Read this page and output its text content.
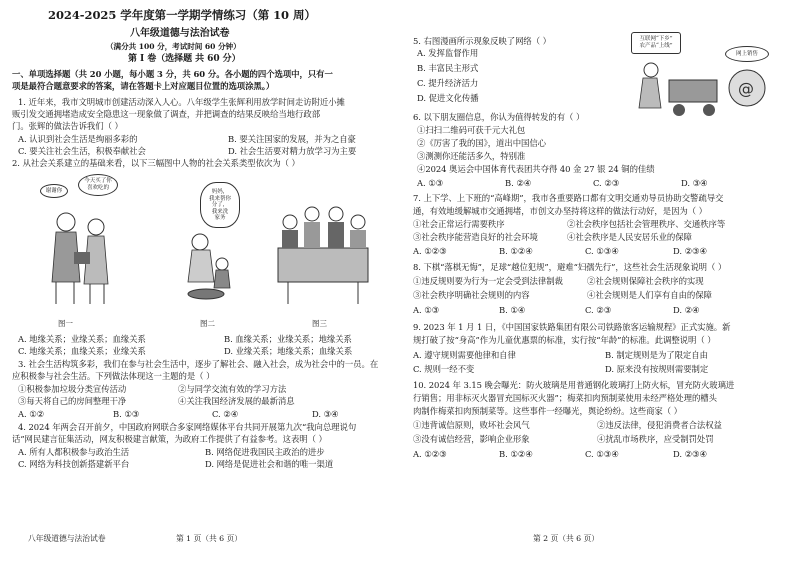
2024-2025 学年度第一学期学情练习（第 10 周）
八年级道德与法治试卷
（满分共 100 分，考试时间 60 分钟）
第 I 卷（选择题 共 60 分）
一、单项选择题（共 20 小题，每小题 3 分，共 60 分。各小题的四个选项中，只有一
项是最符合题意要求的答案，请在答题卡上对应题目位置的选项涂黑。）
1. 近年来，我市文明城市创建活动深入人心。八年级学生张辉利用放学时间走访附近小摊
贩引发交通拥堵造成安全隐患这一现象做了调查，并把调查的结果反映给当地行政部
门。张辉的做法告诉我们（ ）
A. 认识到社会生活是绚丽多彩的	B. 要关注国家的发展，并为之自豪
C. 要关注社会生活，积极奉献社会	D. 社会生活要对精力放学习为主要
2. 从社会关系建立的基础来看，以下三幅图中人物的社会关系类型依次为（ ）
谢谢你
今天买了你
喜欢吃的
图一
妈妈，
我来帮你
分了，
我来洗
家务
图二	图三
A. 地缘关系；业缘关系；血缘关系	B. 血缘关系；业缘关系；地缘关系
C. 地缘关系；血缘关系；业缘关系	D. 业缘关系；地缘关系；血缘关系
3. 社会生活构筑多彩，我们在参与社会生活中，逐步了解社会、融入社会，成为社会中的一员。在
应积极参与社会生活。下列做法体现这一主题的是（ ）
①积极参加垃圾分类宣传活动	②与同学交流有效的学习方法
③每天将自己的房间整理干净	④关注我国经济发展的最新消息
A. ①②	B. ①③	C. ②④	D. ③④
4. 2024 年两会召开前夕，中国政府网联合多家网络媒体平台共同开展第九次“我向总理说句
话”网民建言征集活动，网友积极建言献策，为政府工作提供了有益参考。这表明（ ）
A. 所有人都积极参与政治生活	B. 网络促进我国民主政治的进步
C. 网络为科技创新搭建新平台	D. 网络是促进社会和谐的唯一渠道
八年级道德与法治试卷	第 1 页（共 6 页）
5. 右图漫画所示现象反映了网络（ ）
A. 发挥监督作用
B. 丰富民主形式
C. 提升经济活力
D. 促进文化传播	@
互联网“下乡”
农产品“上线”
网上销售
6. 以下朋友圈信息，你认为值得转发的有（ ）
①扫扫二维码可获千元大礼包
②《厉害了我的国》，道出中国信心
③测测你还能活多久，特别准
④2024 奥运会中国体育代表团共夺得 40 金 27 银 24 铜的佳绩
A. ①③	B. ②④	C. ②③	D. ③④
7. 上下学、上下班的“高峰期”，我市各重要路口都有文明交通劝导员协助交警疏导交
通，有效地缓解城市交通拥堵，市创文办坚持将这样的做法行动好，是因为（ ）
①社会正常运行需要秩序	②社会秩序包括社会管理秩序、交通秩序等
③社会秩序能营造良好的社会环境	④社会秩序是人民安居乐业的保障
A. ①②③	B. ①②④	C. ①③④	D. ②③④
8. 下棋“落棋无悔”，足球“越位犯规”，避难“妇孺先行”，这些社会生活现象说明（ ）
①违反规则要为行为一定会受到法律制裁	②社会规则保障社会秩序的实现
③社会秩序明确社会规则的内容	④社会规则是人们享有自由的保障
A. ①③	B. ①④	C. ②③	D. ②④
9. 2023 年 1 月 1 日，《中国国家铁路集团有限公司铁路旅客运输规程》正式实施。新
规打破了按“身高”作为儿童优惠票的标准，实行按“年龄”的标准。此调整说明（ ）
A. 遵守规则需要他律和自律	B. 制定规则是为了限定自由
C. 规则一经不变	D. 原来没有按规则需要制定
10. 2024 年 3.15 晚会曝光：防火玻璃是用普通钢化玻璃打上防火标，冒充防火玻璃进
行销售；用非标灭火器冒充国标灭火器”；梅菜扣肉预制菜使用未经严格处理的槽头
肉制作梅菜扣肉预制菜等。这些事件一经曝光，舆论纷纷。这些商家（ ）
①违背诚信原则，败坏社会风气	②违反法律，侵犯消费者合法权益
③没有诚信经营，影响企业形象	④扰乱市场秩序，应受制罚处罚
A. ①②③	B. ①②④	C. ①③④	D. ②③④
第 2 页（共 6 页）
